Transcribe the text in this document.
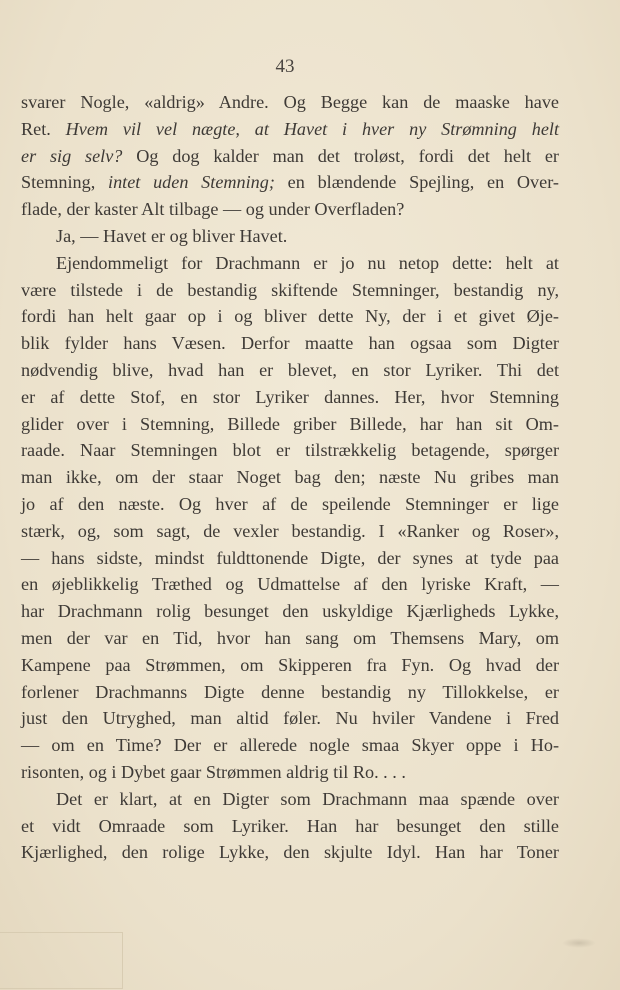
43
svarer Nogle, «aldrig» Andre. Og Begge kan de maaske have
Ret. Hvem vil vel nægte, at Havet i hver ny Strømning helt
er sig selv? Og dog kalder man det troløst, fordi det helt er
Stemning, intet uden Stemning; en blændende Spejling, en Over-
flade, der kaster Alt tilbage — og under Overfladen?
Ja, — Havet er og bliver Havet.
Ejendommeligt for Drachmann er jo nu netop dette: helt at
være tilstede i de bestandig skiftende Stemninger, bestandig ny,
fordi han helt gaar op i og bliver dette Ny, der i et givet Øje-
blik fylder hans Væsen. Derfor maatte han ogsaa som Digter
nødvendig blive, hvad han er blevet, en stor Lyriker. Thi det
er af dette Stof, en stor Lyriker dannes. Her, hvor Stemning
glider over i Stemning, Billede griber Billede, har han sit Om-
raade. Naar Stemningen blot er tilstrækkelig betagende, spørger
man ikke, om der staar Noget bag den; næste Nu gribes man
jo af den næste. Og hver af de speilende Stemninger er lige
stærk, og, som sagt, de vexler bestandig. I «Ranker og Roser»,
— hans sidste, mindst fuldttonende Digte, der synes at tyde paa
en øjeblikkelig Træthed og Udmattelse af den lyriske Kraft, —
har Drachmann rolig besunget den uskyldige Kjærligheds Lykke,
men der var en Tid, hvor han sang om Themsens Mary, om
Kampene paa Strømmen, om Skipperen fra Fyn. Og hvad der
forlener Drachmanns Digte denne bestandig ny Tillokkelse, er
just den Utryghed, man altid føler. Nu hviler Vandene i Fred
— om en Time? Der er allerede nogle smaa Skyer oppe i Ho-
risonten, og i Dybet gaar Strømmen aldrig til Ro. . . .
Det er klart, at en Digter som Drachmann maa spænde over
et vidt Omraade som Lyriker. Han har besunget den stille
Kjærlighed, den rolige Lykke, den skjulte Idyl. Han har Toner
